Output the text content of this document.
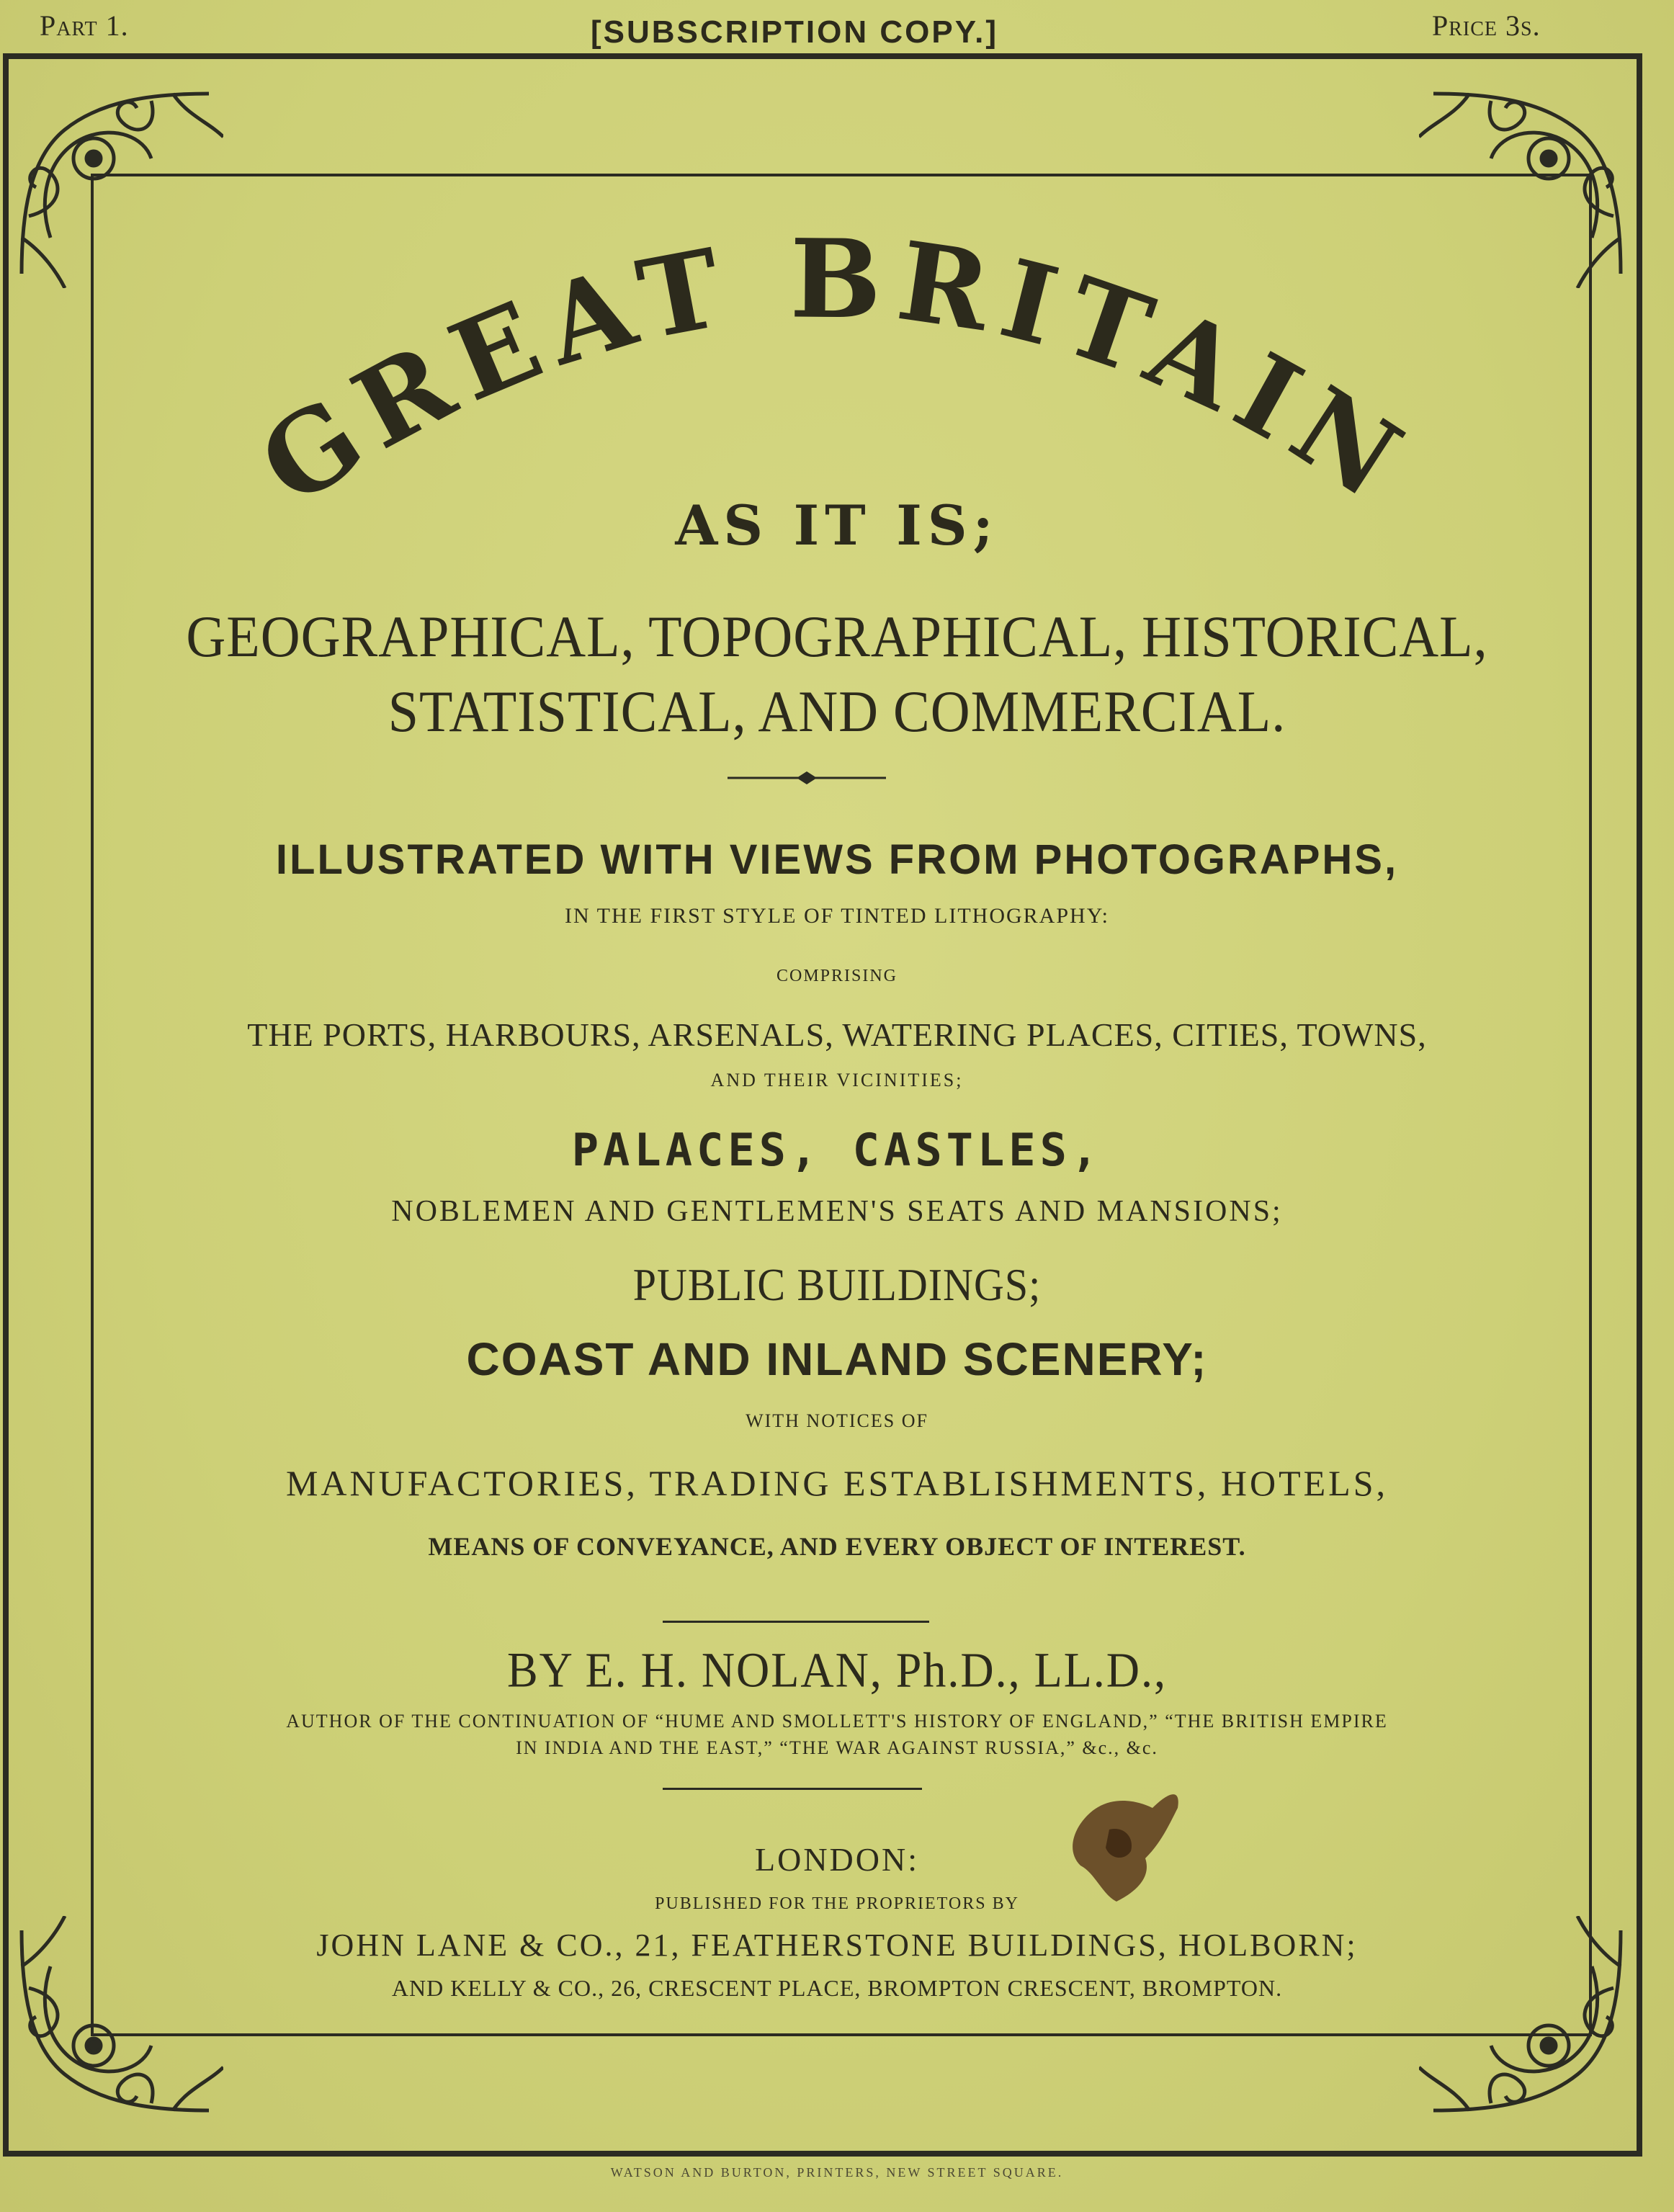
Part 1.	[SUBSCRIPTION COPY.]	Price 3s.
GREAT BRITAIN
AS IT IS;
GEOGRAPHICAL, TOPOGRAPHICAL, HISTORICAL,
STATISTICAL, AND COMMERCIAL.
ILLUSTRATED WITH VIEWS FROM PHOTOGRAPHS,
IN THE FIRST STYLE OF TINTED LITHOGRAPHY:
COMPRISING
THE PORTS, HARBOURS, ARSENALS, WATERING PLACES, CITIES, TOWNS,
AND THEIR VICINITIES;
PALACES, CASTLES,
NOBLEMEN AND GENTLEMEN'S SEATS AND MANSIONS;
PUBLIC BUILDINGS;
COAST AND INLAND SCENERY;
WITH NOTICES OF
MANUFACTORIES, TRADING ESTABLISHMENTS, HOTELS,
MEANS OF CONVEYANCE, AND EVERY OBJECT OF INTEREST.
BY E. H. NOLAN, Ph.D., LL.D.,
AUTHOR OF THE CONTINUATION OF “HUME AND SMOLLETT'S HISTORY OF ENGLAND,” “THE BRITISH EMPIRE
IN INDIA AND THE EAST,” “THE WAR AGAINST RUSSIA,” &c., &c.
LONDON:
PUBLISHED FOR THE PROPRIETORS BY
JOHN LANE & CO., 21, FEATHERSTONE BUILDINGS, HOLBORN;
AND KELLY & CO., 26, CRESCENT PLACE, BROMPTON CRESCENT, BROMPTON.
WATSON AND BURTON, PRINTERS, NEW STREET SQUARE.
